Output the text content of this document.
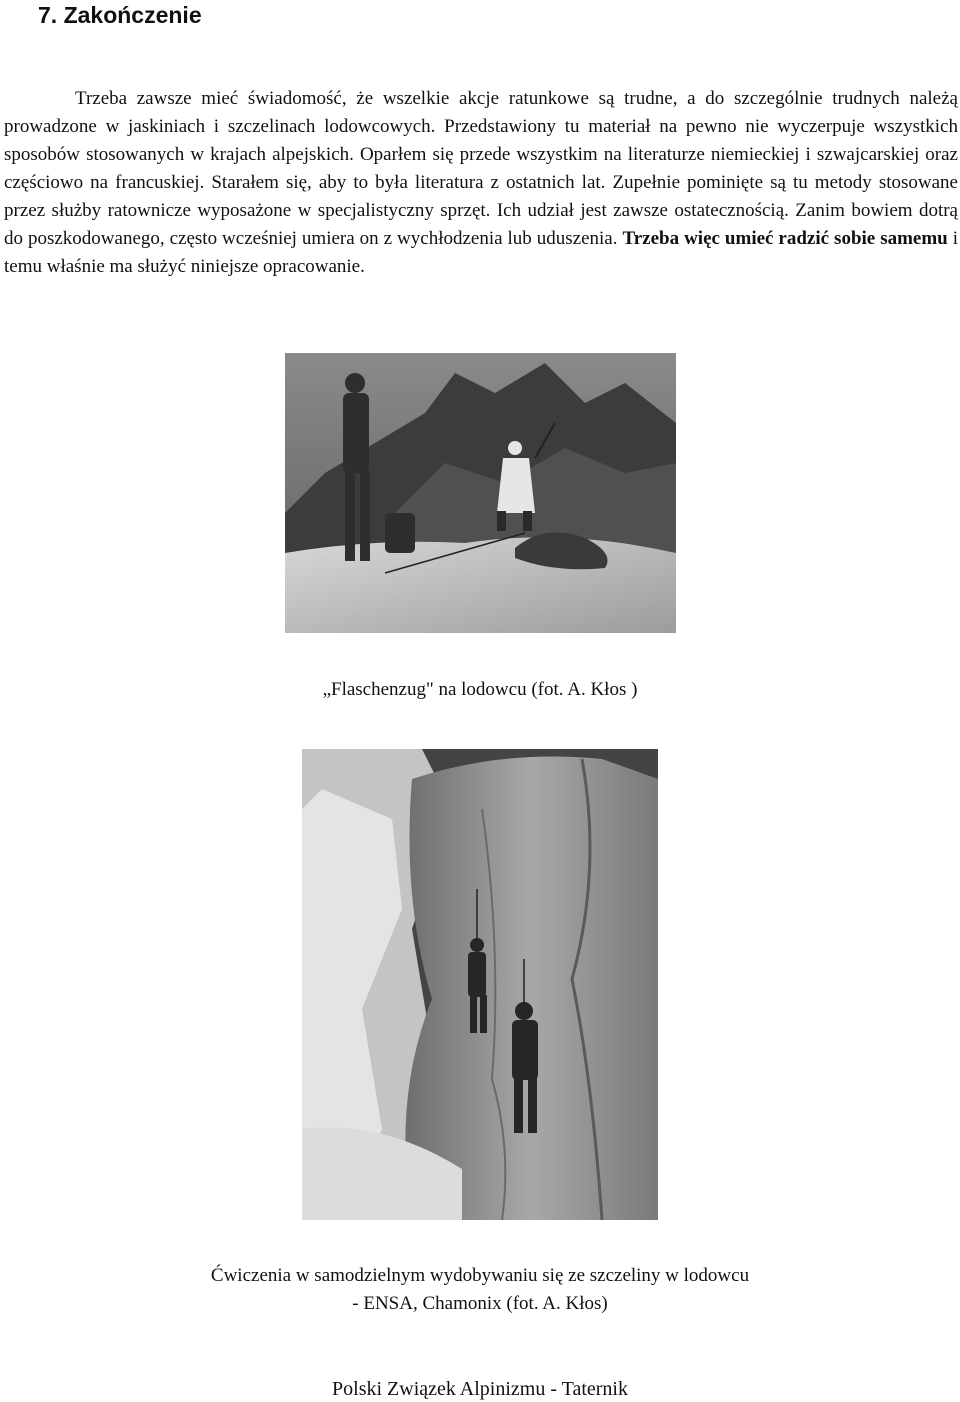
7. Zakończenie

Trzeba zawsze mieć świadomość, że wszelkie akcje ratunkowe są trudne, a do szczególnie trudnych należą prowadzone w jaskiniach i szczelinach lodowcowych. Przedstawiony tu materiał na pewno nie wyczerpuje wszystkich sposobów stosowanych w krajach alpejskich. Oparłem się przede wszystkim na literaturze niemieckiej i szwajcarskiej oraz częściowo na francuskiej. Starałem się, aby to była literatura z ostatnich lat. Zupełnie pominięte są tu metody stosowane przez służby ratownicze wyposażone w specjalistyczny sprzęt. Ich udział jest zawsze ostatecznością. Zanim bowiem dotrą do poszkodowanego, często wcześniej umiera on z wychłodzenia lub uduszenia. Trzeba więc umieć radzić sobie samemu i temu właśnie ma służyć niniejsze opracowanie.

„Flaschenzug" na lodowcu (fot. A. Kłos )

Ćwiczenia w samodzielnym wydobywaniu się ze szczeliny w lodowcu

- ENSA, Chamonix (fot. A. Kłos)

Polski Związek Alpinizmu - Taternik
